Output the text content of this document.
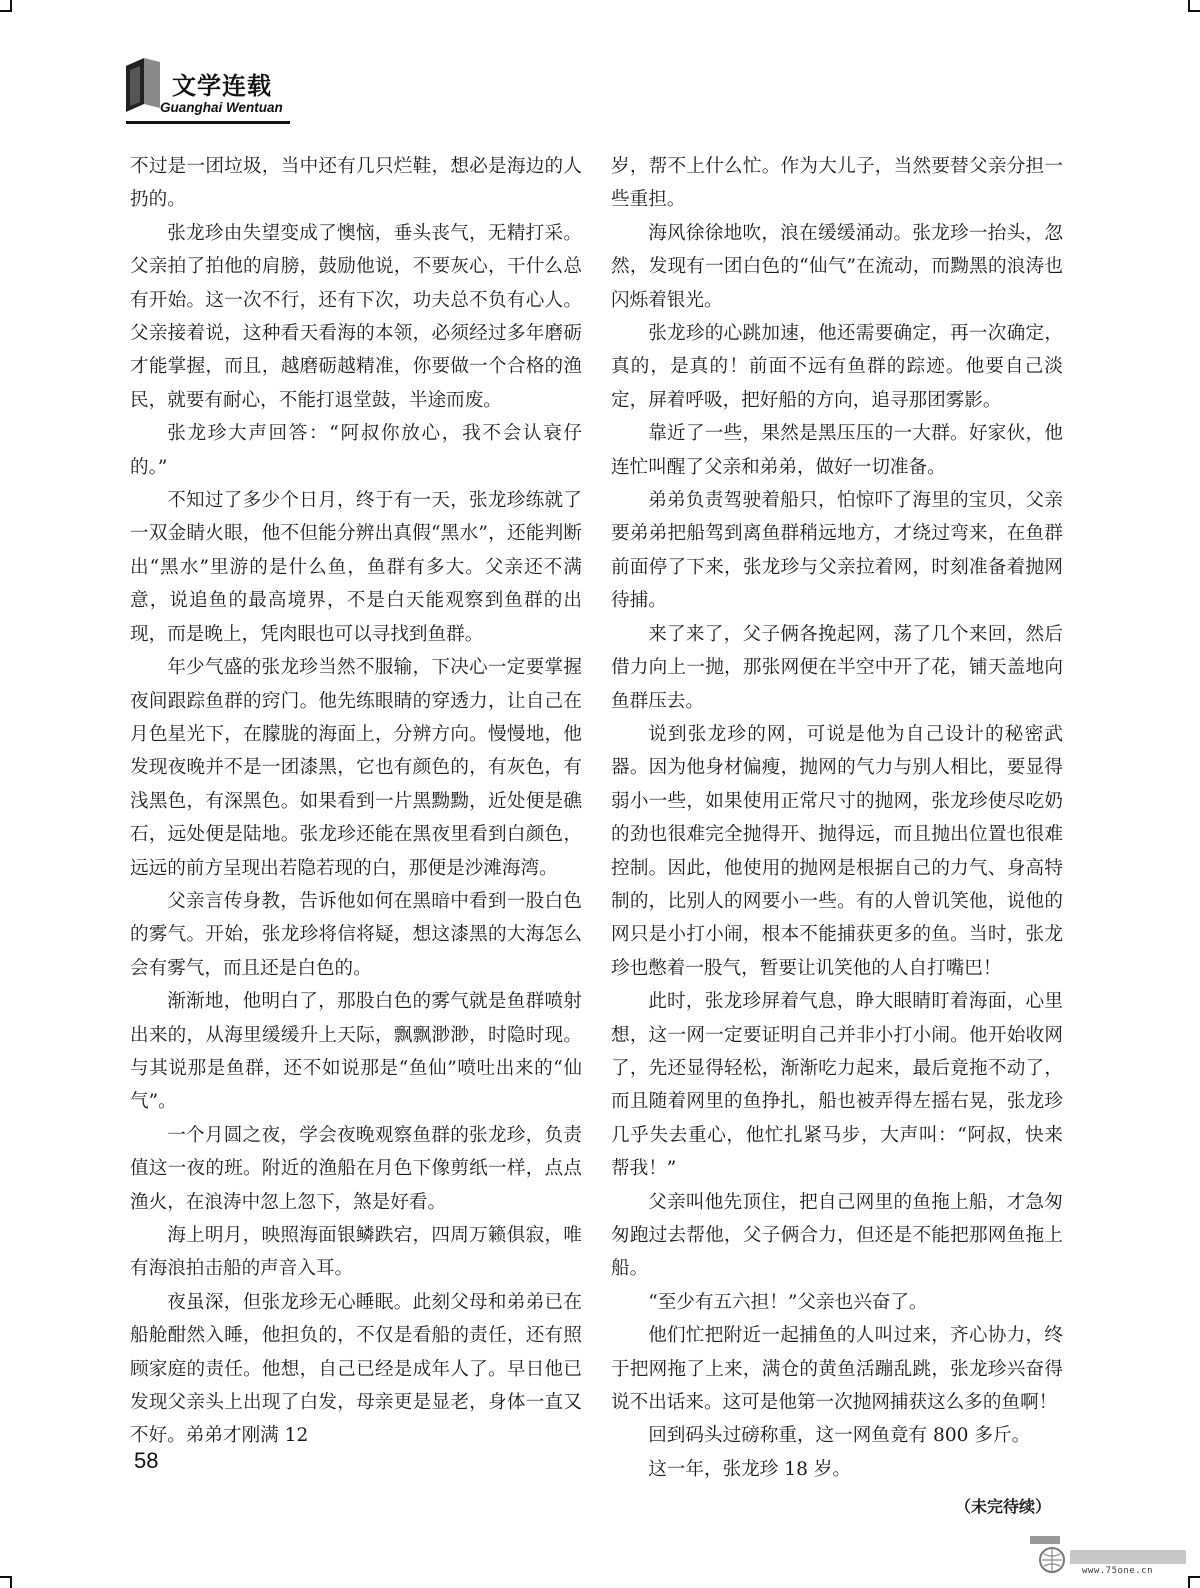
文学连载
Guanghai Wentuan

不过是一团垃圾，当中还有几只烂鞋，想必是海边的人扔的。

张龙珍由失望变成了懊恼，垂头丧气，无精打采。父亲拍了拍他的肩膀，鼓励他说，不要灰心，干什么总有开始。这一次不行，还有下次，功夫总不负有心人。父亲接着说，这种看天看海的本领，必须经过多年磨砺才能掌握，而且，越磨砺越精准，你要做一个合格的渔民，就要有耐心，不能打退堂鼓，半途而废。

张龙珍大声回答：“阿叔你放心，我不会认衰仔的。”

不知过了多少个日月，终于有一天，张龙珍练就了一双金睛火眼，他不但能分辨出真假“黑水”，还能判断出“黑水”里游的是什么鱼，鱼群有多大。父亲还不满意，说追鱼的最高境界，不是白天能观察到鱼群的出现，而是晚上，凭肉眼也可以寻找到鱼群。

年少气盛的张龙珍当然不服输，下决心一定要掌握夜间跟踪鱼群的窍门。他先练眼睛的穿透力，让自己在月色星光下，在朦胧的海面上，分辨方向。慢慢地，他发现夜晚并不是一团漆黑，它也有颜色的，有灰色，有浅黑色，有深黑色。如果看到一片黑黝黝，近处便是礁石，远处便是陆地。张龙珍还能在黑夜里看到白颜色，远远的前方呈现出若隐若现的白，那便是沙滩海湾。

父亲言传身教，告诉他如何在黑暗中看到一股白色的雾气。开始，张龙珍将信将疑，想这漆黑的大海怎么会有雾气，而且还是白色的。

渐渐地，他明白了，那股白色的雾气就是鱼群喷射出来的，从海里缓缓升上天际，飘飘渺渺，时隐时现。与其说那是鱼群，还不如说那是“鱼仙”喷吐出来的“仙气”。

一个月圆之夜，学会夜晚观察鱼群的张龙珍，负责值这一夜的班。附近的渔船在月色下像剪纸一样，点点渔火，在浪涛中忽上忽下，煞是好看。

海上明月，映照海面银鳞跌宕，四周万籁俱寂，唯有海浪拍击船的声音入耳。

夜虽深，但张龙珍无心睡眠。此刻父母和弟弟已在船舱酣然入睡，他担负的，不仅是看船的责任，还有照顾家庭的责任。他想，自己已经是成年人了。早日他已发现父亲头上出现了白发，母亲更是显老，身体一直又不好。弟弟才刚满 12

岁，帮不上什么忙。作为大儿子，当然要替父亲分担一些重担。

海风徐徐地吹，浪在缓缓涌动。张龙珍一抬头，忽然，发现有一团白色的“仙气”在流动，而黝黑的浪涛也闪烁着银光。

张龙珍的心跳加速，他还需要确定，再一次确定，真的，是真的！前面不远有鱼群的踪迹。他要自己淡定，屏着呼吸，把好船的方向，追寻那团雾影。

靠近了一些，果然是黑压压的一大群。好家伙，他连忙叫醒了父亲和弟弟，做好一切准备。

弟弟负责驾驶着船只，怕惊吓了海里的宝贝，父亲要弟弟把船驾到离鱼群稍远地方，才绕过弯来，在鱼群前面停了下来，张龙珍与父亲拉着网，时刻准备着抛网待捕。

来了来了，父子俩各挽起网，荡了几个来回，然后借力向上一抛，那张网便在半空中开了花，铺天盖地向鱼群压去。

说到张龙珍的网，可说是他为自己设计的秘密武器。因为他身材偏瘦，抛网的气力与别人相比，要显得弱小一些，如果使用正常尺寸的抛网，张龙珍使尽吃奶的劲也很难完全抛得开、抛得远，而且抛出位置也很难控制。因此，他使用的抛网是根据自己的力气、身高特制的，比别人的网要小一些。有的人曾讥笑他，说他的网只是小打小闹，根本不能捕获更多的鱼。当时，张龙珍也憋着一股气，暂要让讥笑他的人自打嘴巴！

此时，张龙珍屏着气息，睁大眼睛盯着海面，心里想，这一网一定要证明自己并非小打小闹。他开始收网了，先还显得轻松，渐渐吃力起来，最后竟拖不动了，而且随着网里的鱼挣扎，船也被弄得左摇右晃，张龙珍几乎失去重心，他忙扎紧马步，大声叫：“阿叔，快来帮我！”

父亲叫他先顶住，把自己网里的鱼拖上船，才急匆匆跑过去帮他，父子俩合力，但还是不能把那网鱼拖上船。

“至少有五六担！”父亲也兴奋了。

他们忙把附近一起捕鱼的人叫过来，齐心协力，终于把网拖了上来，满仓的黄鱼活蹦乱跳，张龙珍兴奋得说不出话来。这可是他第一次抛网捕获这么多的鱼啊！

回到码头过磅称重，这一网鱼竟有 800 多斤。

这一年，张龙珍 18 岁。

（未完待续）
58
www.75one.cn
